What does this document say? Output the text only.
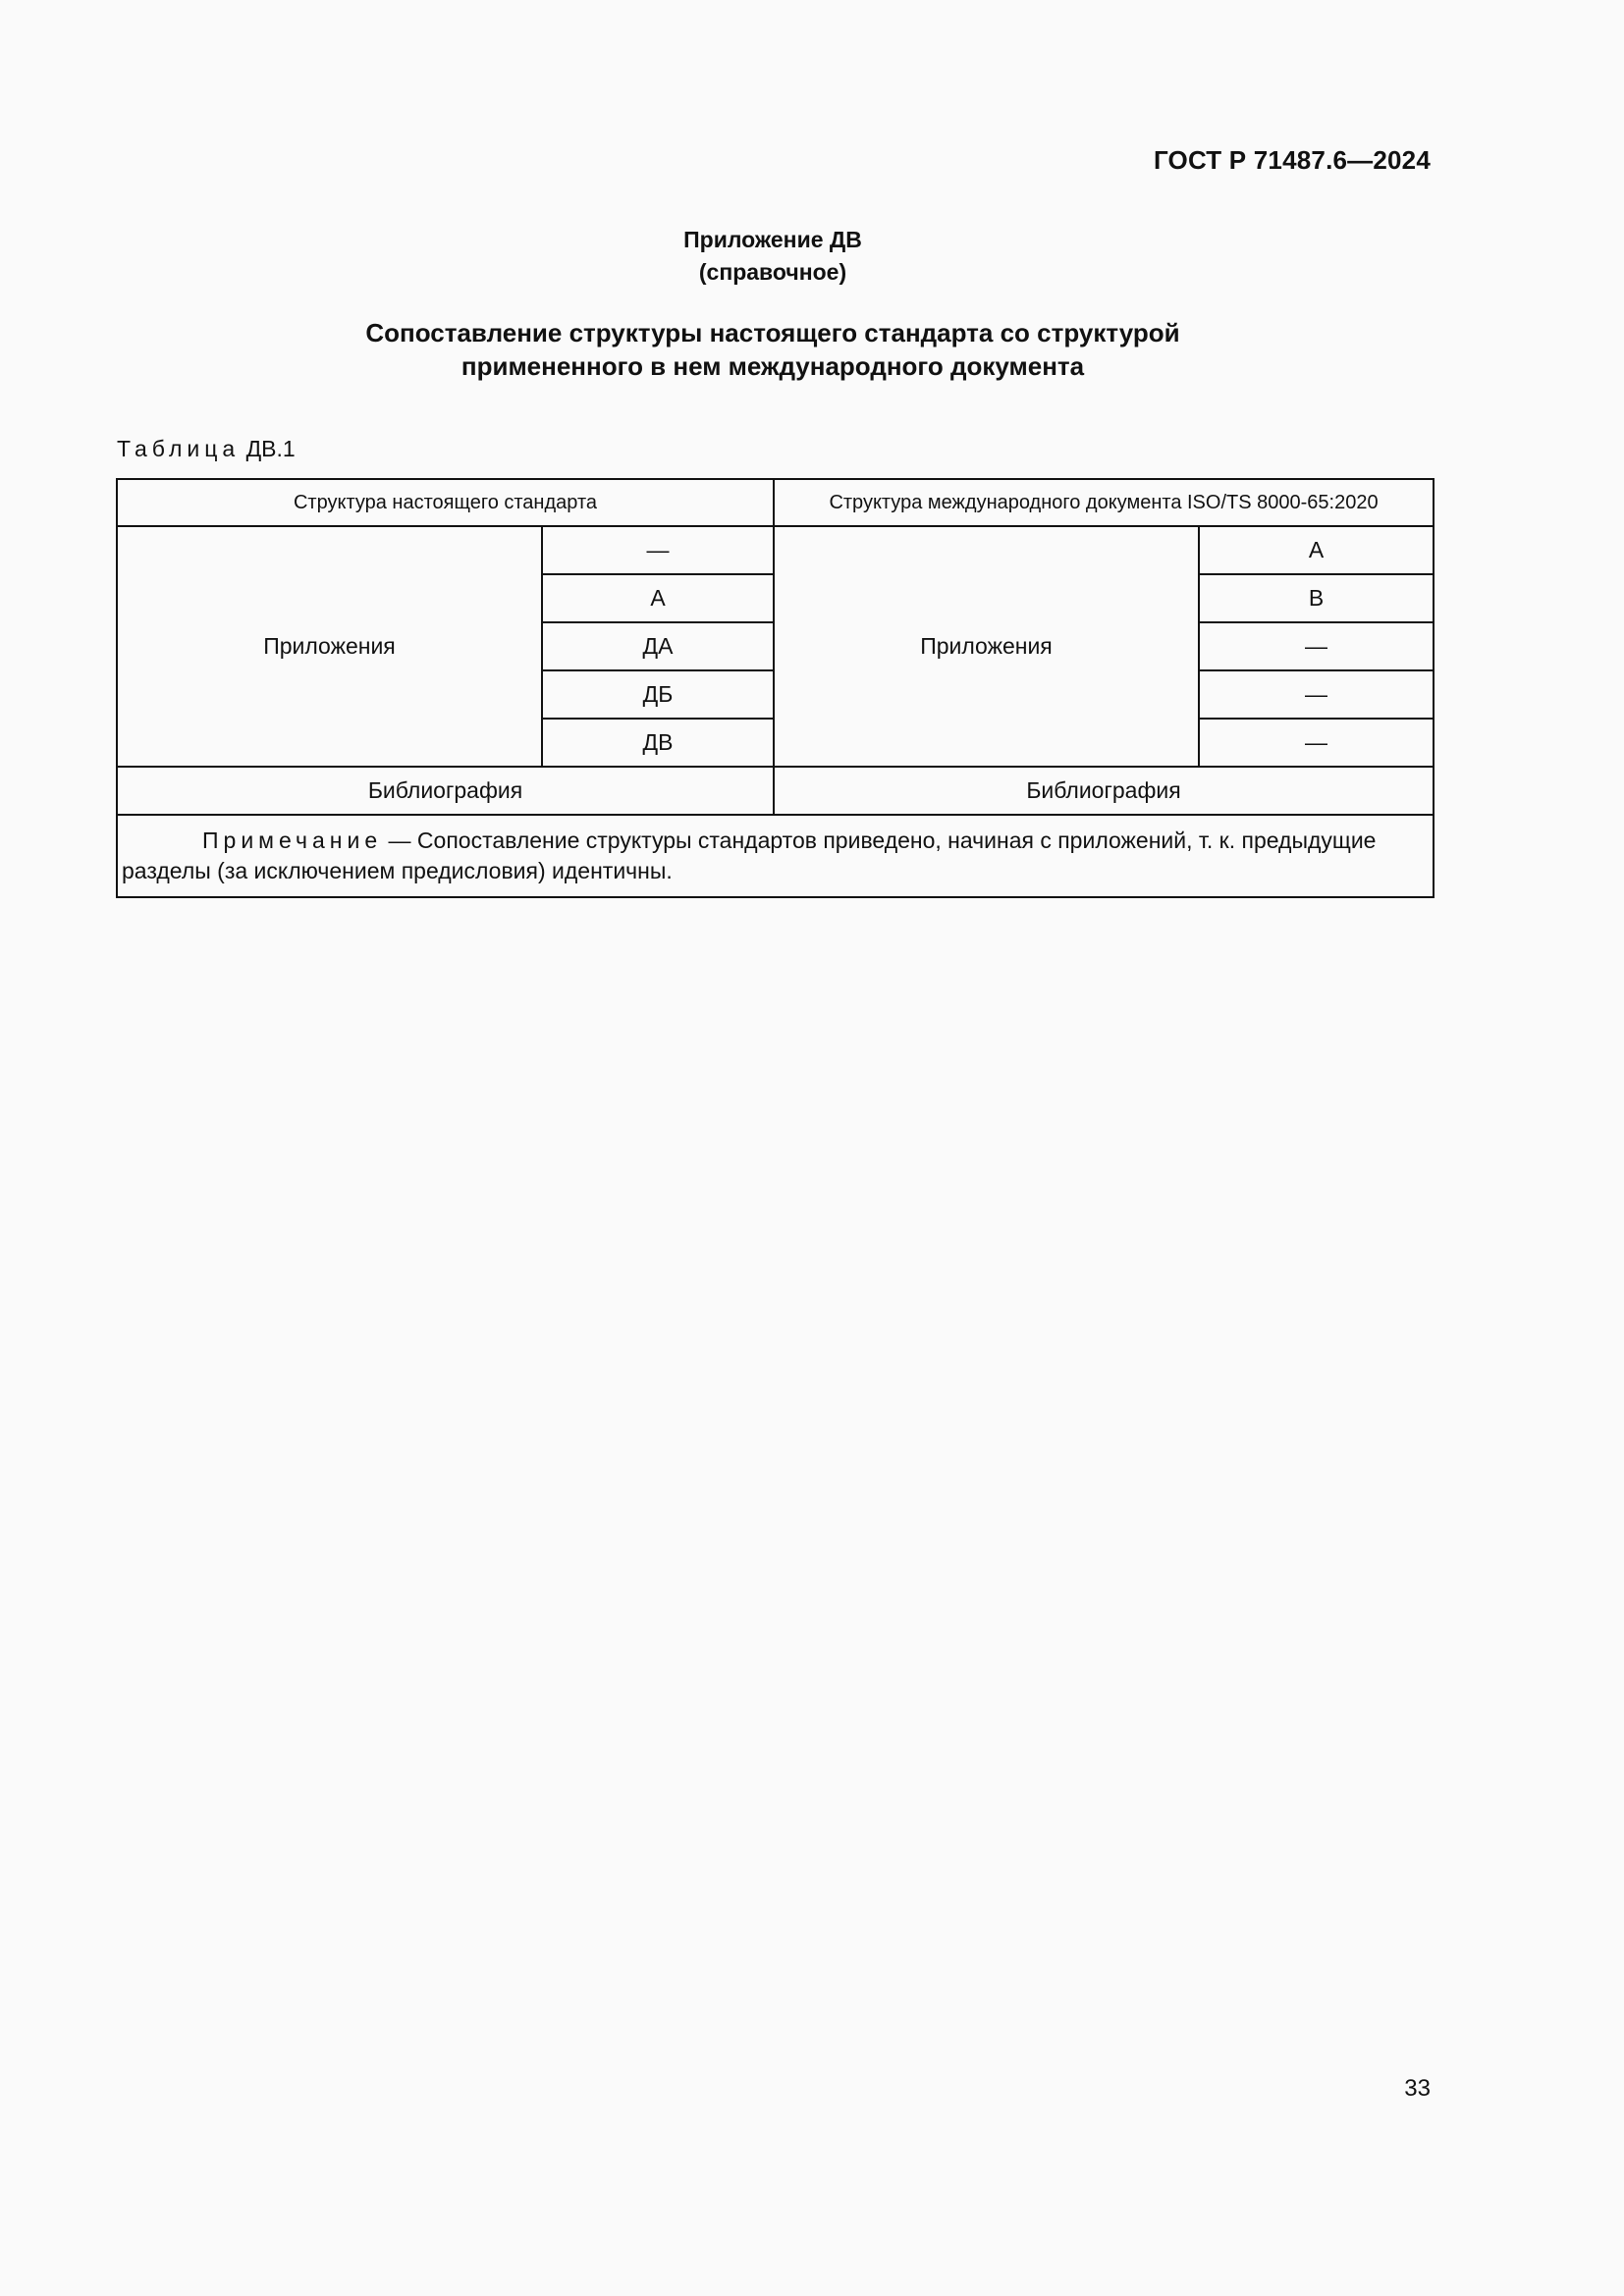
ГОСТ Р 71487.6—2024
Приложение ДВ
(справочное)
Сопоставление структуры настоящего стандарта со структурой
примененного в нем международного документа
Таблица ДВ.1
Структура настоящего стандарта		Структура международного документа ISO/TS 8000-65:2020	
Приложения	—	Приложения	A
	А		B
	ДА		—
	ДБ		—
	ДВ		—
Библиография		Библиография	
Примечание — Сопоставление структуры стандартов приведено, начиная с приложений, т. к. предыдущие разделы (за исключением предисловия) идентичны.			
33
